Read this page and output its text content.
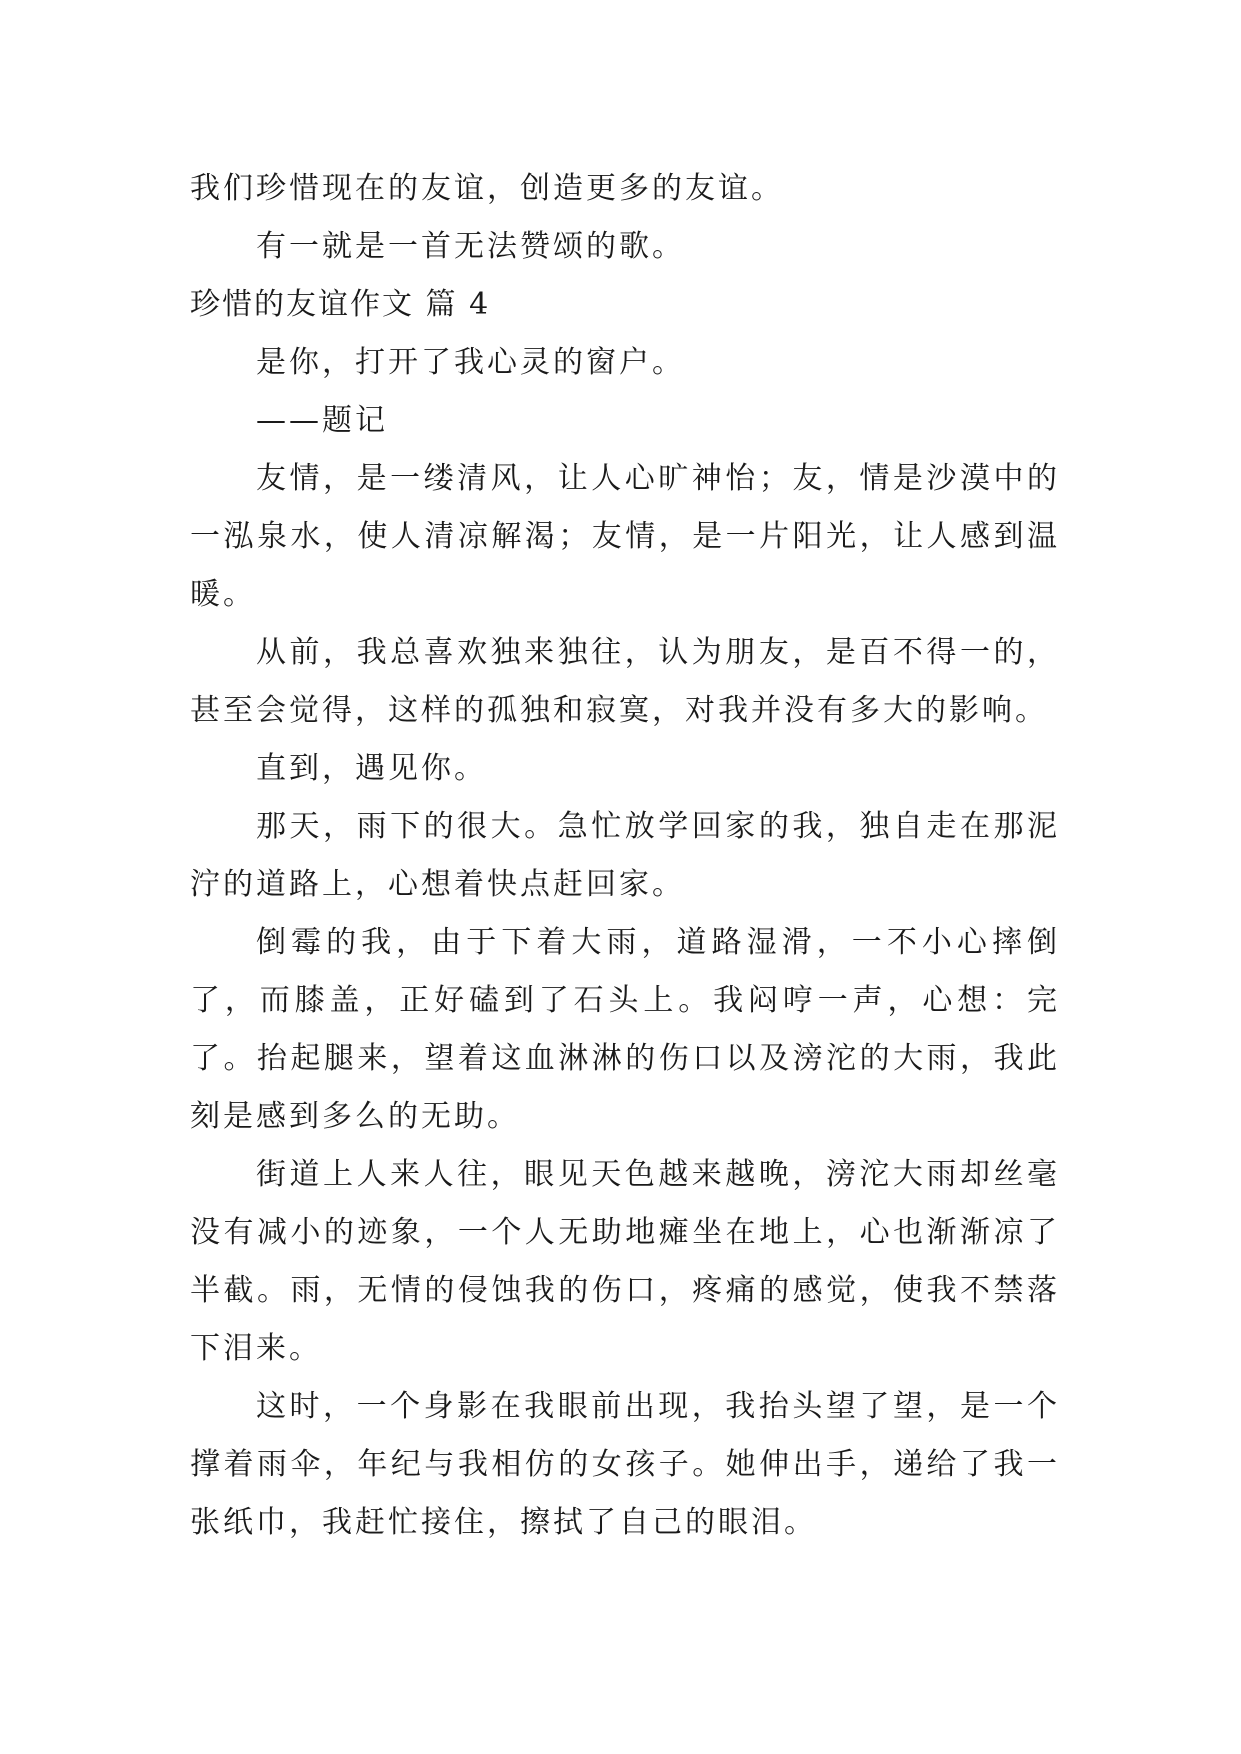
我们珍惜现在的友谊，创造更多的友谊。

有一就是一首无法赞颂的歌。

珍惜的友谊作文 篇 4

是你，打开了我心灵的窗户。

——题记

友情，是一缕清风，让人心旷神怡；友，情是沙漠中的一泓泉水，使人清凉解渴；友情，是一片阳光，让人感到温暖。

从前，我总喜欢独来独往，认为朋友，是百不得一的，甚至会觉得，这样的孤独和寂寞，对我并没有多大的影响。

直到，遇见你。

那天，雨下的很大。急忙放学回家的我，独自走在那泥泞的道路上，心想着快点赶回家。

倒霉的我，由于下着大雨，道路湿滑，一不小心摔倒了，而膝盖，正好磕到了石头上。我闷哼一声，心想：完了。抬起腿来，望着这血淋淋的伤口以及滂沱的大雨，我此刻是感到多么的无助。

街道上人来人往，眼见天色越来越晚，滂沱大雨却丝毫没有减小的迹象，一个人无助地瘫坐在地上，心也渐渐凉了半截。雨，无情的侵蚀我的伤口，疼痛的感觉，使我不禁落下泪来。

这时，一个身影在我眼前出现，我抬头望了望，是一个撑着雨伞，年纪与我相仿的女孩子。她伸出手，递给了我一张纸巾，我赶忙接住，擦拭了自己的眼泪。
